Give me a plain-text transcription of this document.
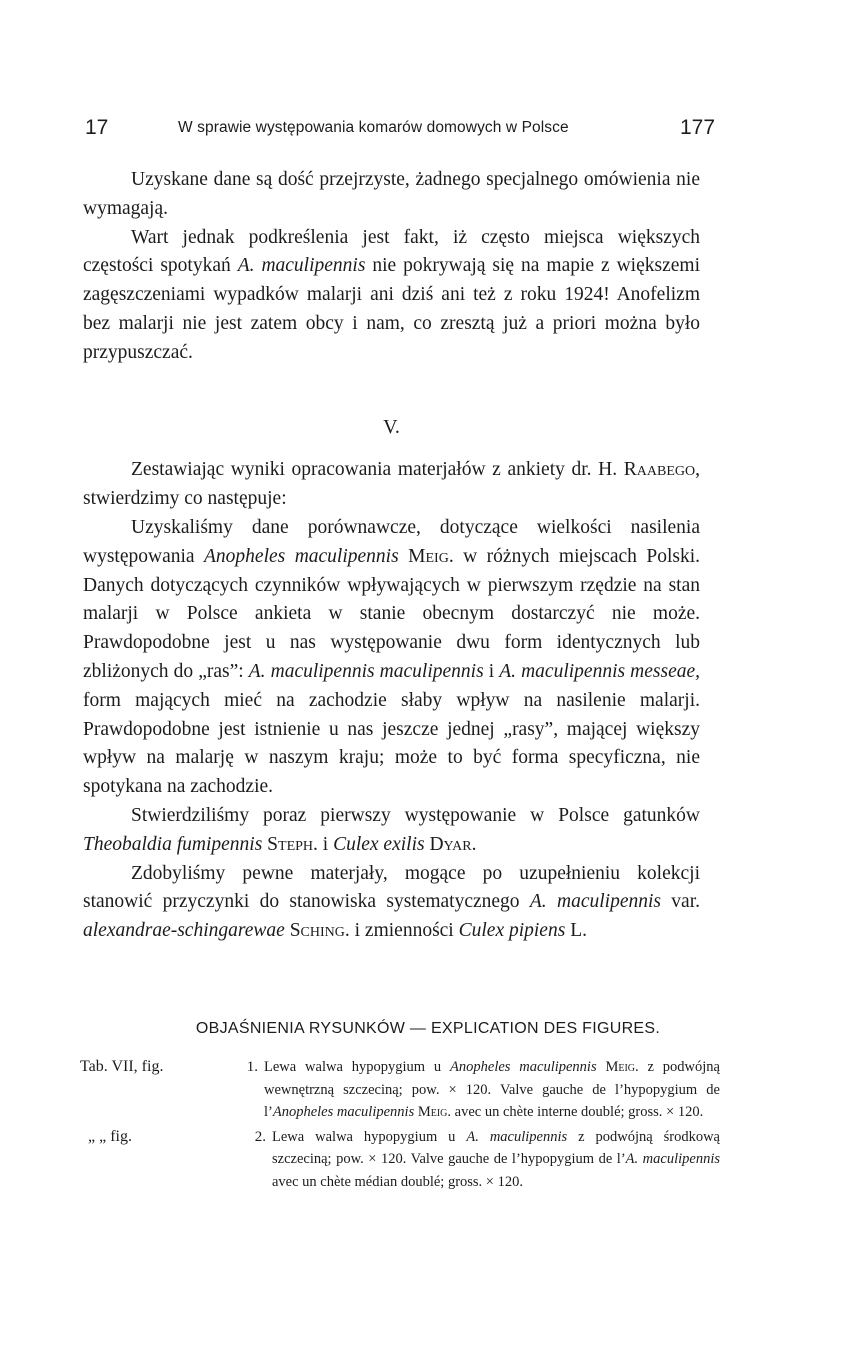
17	W sprawie występowania komarów domowych w Polsce	177

Uzyskane dane są dość przejrzyste, żadnego specjalnego omówienia nie wymagają.

Wart jednak podkreślenia jest fakt, iż często miejsca większych częstości spotykań A. maculipennis nie pokrywają się na mapie z większemi zagęszczeniami wypadków malarji ani dziś ani też z roku 1924! Anofelizm bez malarji nie jest zatem obcy i nam, co zresztą już a priori można było przypuszczać.

V.

Zestawiając wyniki opracowania materjałów z ankiety dr. H. Raabego, stwierdzimy co następuje:

Uzyskaliśmy dane porównawcze, dotyczące wielkości nasilenia występowania Anopheles maculipennis Meig. w różnych miejscach Polski. Danych dotyczących czynników wpływających w pierwszym rzędzie na stan malarji w Polsce ankieta w stanie obecnym dostarczyć nie może. Prawdopodobne jest u nas występowanie dwu form identycznych lub zbliżonych do „ras”: A. maculipennis maculipennis i A. maculipennis messeae, form mających mieć na zachodzie słaby wpływ na nasilenie malarji. Prawdopodobne jest istnienie u nas jeszcze jednej „rasy”, mającej większy wpływ na malarję w naszym kraju; może to być forma specyficzna, nie spotykana na zachodzie.

Stwierdziliśmy poraz pierwszy występowanie w Polsce gatunków Theobaldia fumipennis Steph. i Culex exilis Dyar.

Zdobyliśmy pewne materjały, mogące po uzupełnieniu kolekcji stanowić przyczynki do stanowiska systematycznego A. maculipennis var. alexandrae-schingarewae Sching. i zmienności Culex pipiens L.

OBJAŚNIENIA RYSUNKÓW — EXPLICATION DES FIGURES.
Tab. VII, fig.	1. Lewa walwa hypopygium u Anopheles maculipennis Meig. z podwójną wewnętrzną szczeciną; pow. × 120. Valve gauche de l’hypopygium de l’Anopheles maculipennis Meig. avec un chète interne doublé; gross. × 120.
„ „ fig.	2. Lewa walwa hypopygium u A. maculipennis z podwójną środkową szczeciną; pow. × 120. Valve gauche de l’hypopygium de l’A. maculipennis avec un chète médian doublé; gross. × 120.
